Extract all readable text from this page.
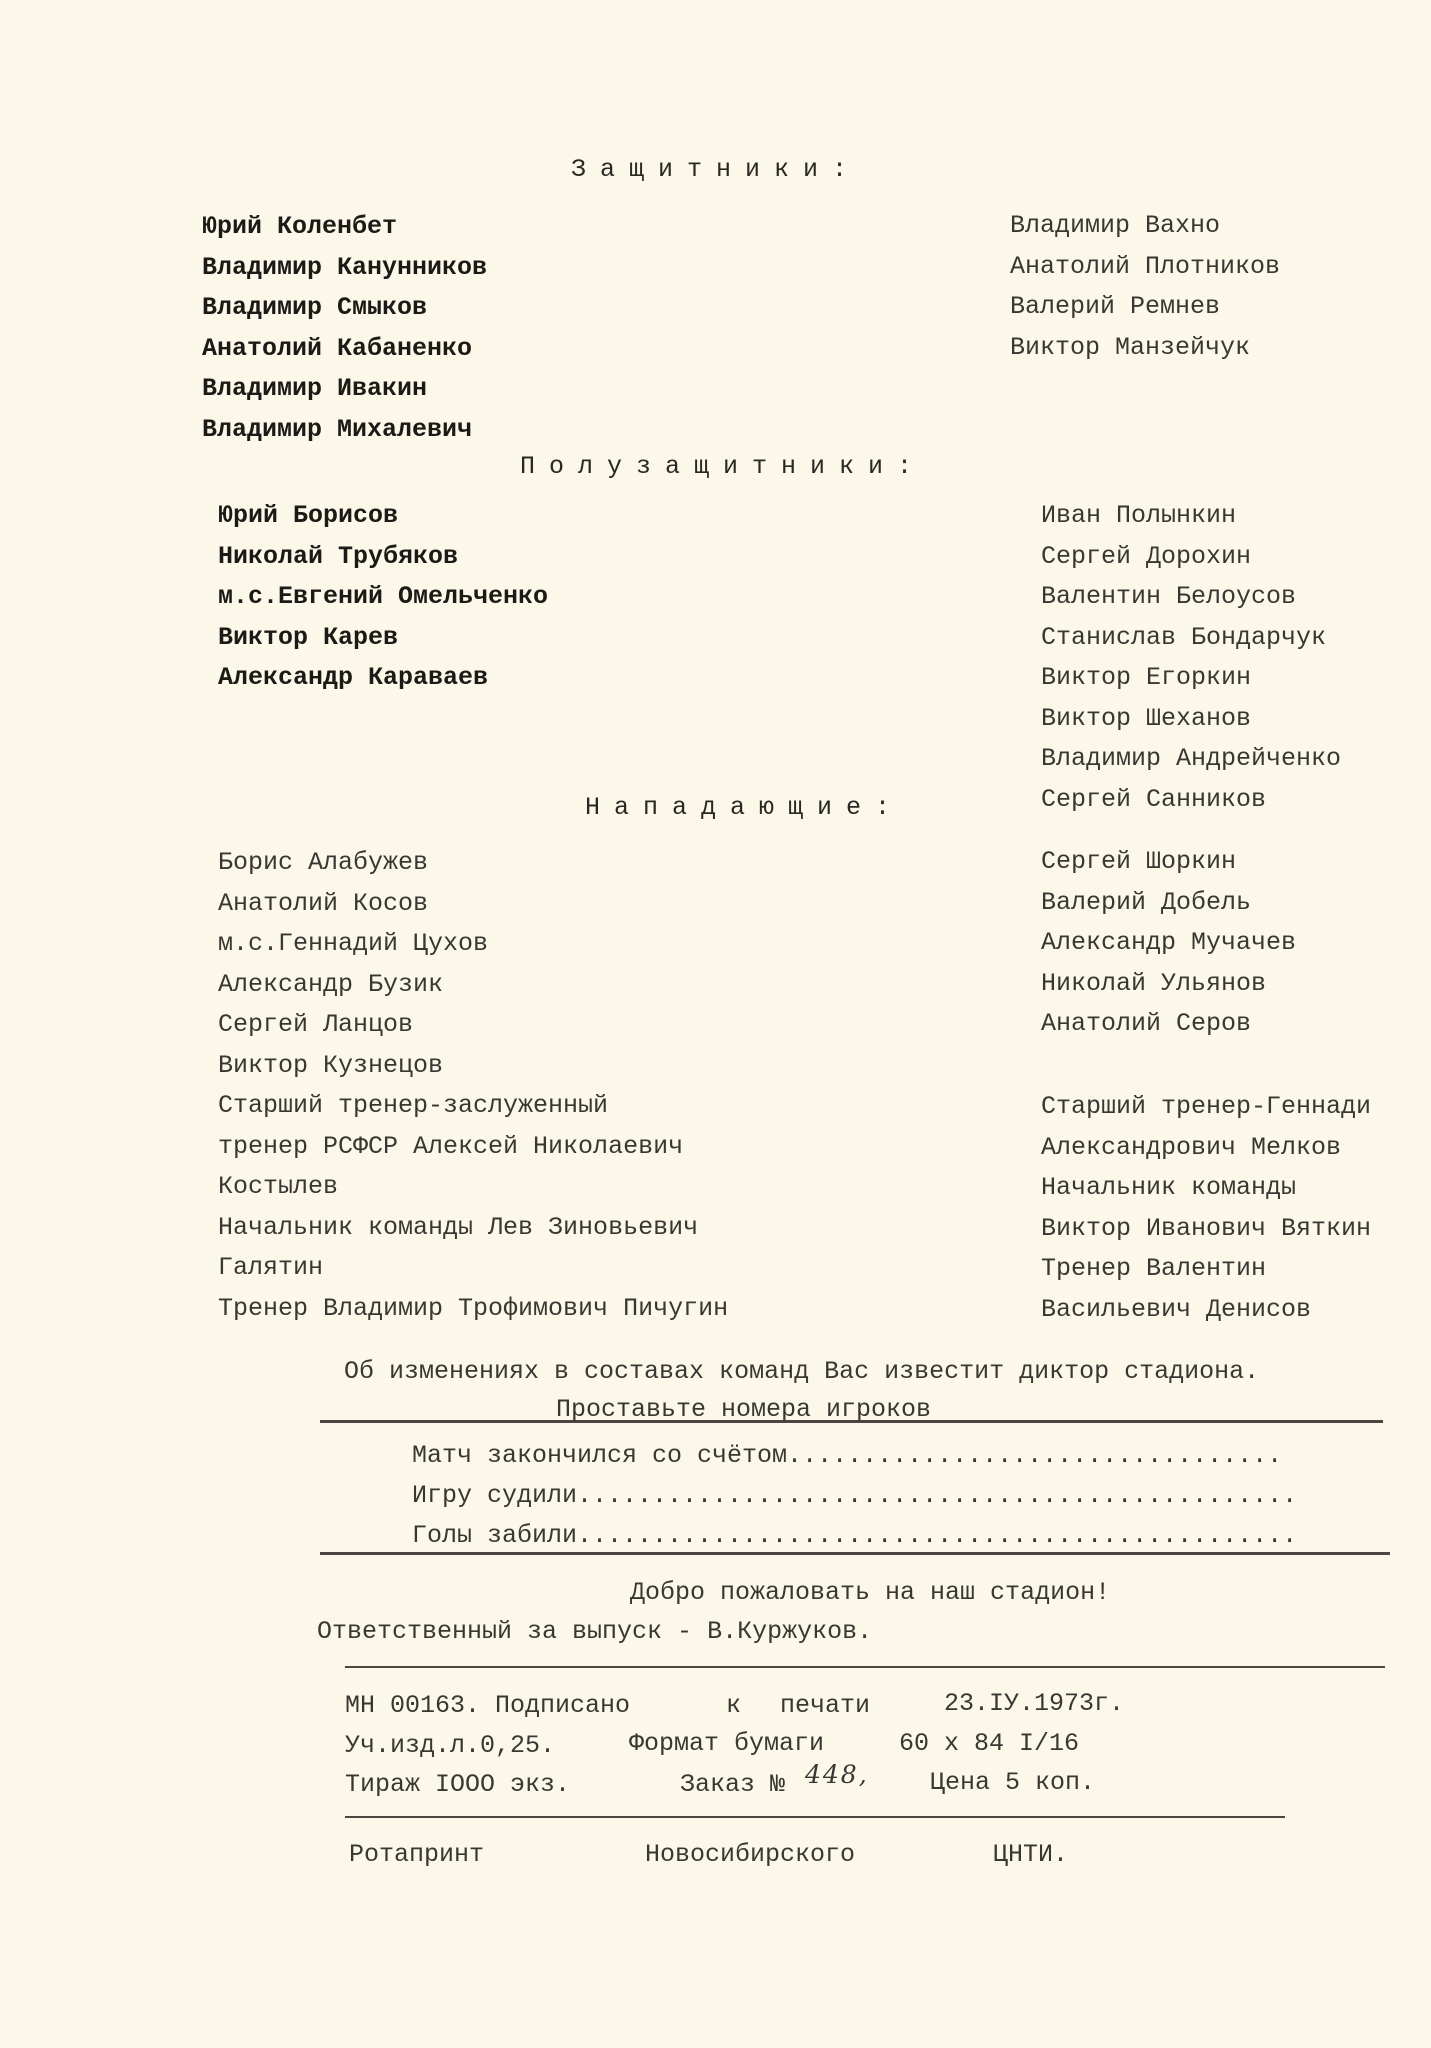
Защитники:
Юрий Коленбет
Владимир Канунников
Владимир Смыков
Анатолий Кабаненко
Владимир Ивакин
Владимир Михалевич
Владимир Вахно
Анатолий Плотников
Валерий Ремнев
Виктор Манзейчук
Полузащитники:
Юрий Борисов
Николай Трубяков
м.с.Евгений Омельченко
Виктор Карев
Александр Караваев
Иван Полынкин
Сергей Дорохин
Валентин Белоусов
Станислав Бондарчук
Виктор Егоркин
Виктор Шеханов
Владимир Андрейченко
Сергей Санников
Нападающие:
Борис Алабужев
Анатолий Косов
м.с.Геннадий Цухов
Александр Бузик
Сергей Ланцов
Виктор Кузнецов
Старший тренер-заслуженный
тренер РСФСР Алексей Николаевич
Костылев
Начальник команды Лев Зиновьевич
Галятин
Тренер Владимир Трофимович Пичугин
Сергей Шоркин
Валерий Добель
Александр Мучачев
Николай Ульянов
Анатолий Серов
Старший тренер-Геннади
Александрович Мелков
Начальник команды
Виктор Иванович Вяткин
Тренер Валентин
Васильевич Денисов
Об изменениях в составах команд Вас известит диктор стадиона.
Проставьте номера игроков
Матч закончился со счётом.................................
Игру судили................................................
Голы забили................................................
Добро пожаловать на наш стадион!
Ответственный за выпуск - В.Куржуков.
МН 00163. Подписано	к печати	23.IУ.1973г.
Уч.изд.л.0,25.	Формат бумаги	60 х 84 I/16
Тираж IООО экз.	Заказ № 448, Цена 5 коп.
Ротапринт	Новосибирского	ЦНТИ.
